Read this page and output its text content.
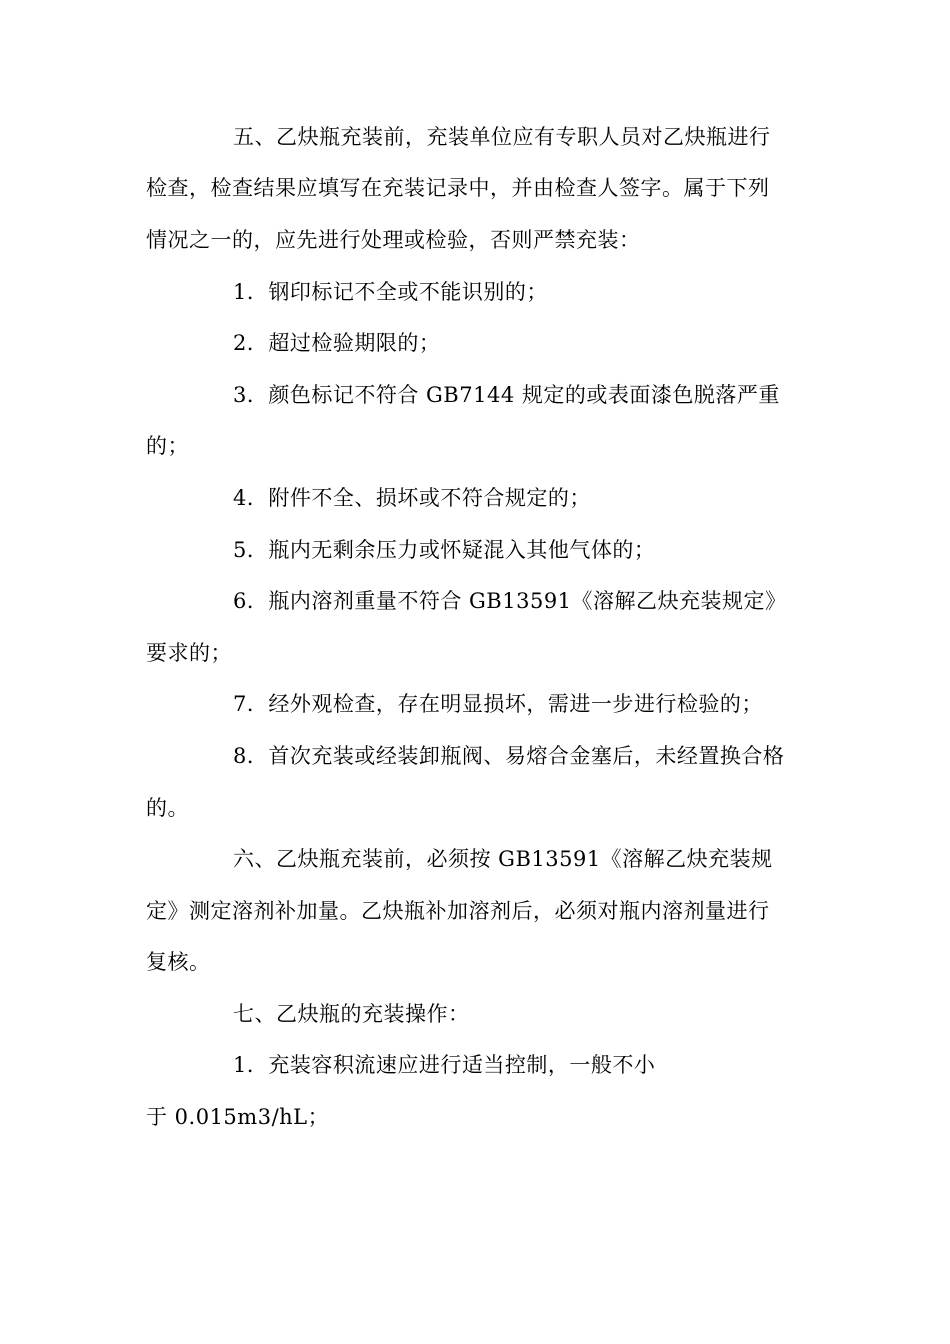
五、乙炔瓶充装前，充装单位应有专职人员对乙炔瓶进行
检查，检查结果应填写在充装记录中，并由检查人签字。属于下列
情况之一的，应先进行处理或检验，否则严禁充装：
1．钢印标记不全或不能识别的；
2．超过检验期限的；
3．颜色标记不符合 GB7144 规定的或表面漆色脱落严重
的；
4．附件不全、损坏或不符合规定的；
5．瓶内无剩余压力或怀疑混入其他气体的；
6．瓶内溶剂重量不符合 GB13591《溶解乙炔充装规定》
要求的；
7．经外观检查，存在明显损坏，需进一步进行检验的；
8．首次充装或经装卸瓶阀、易熔合金塞后，未经置换合格
的。
六、乙炔瓶充装前，必须按 GB13591《溶解乙炔充装规
定》测定溶剂补加量。乙炔瓶补加溶剂后，必须对瓶内溶剂量进行
复核。
七、乙炔瓶的充装操作：
1．充装容积流速应进行适当控制，一般不小
于 0.015m3/hL；
